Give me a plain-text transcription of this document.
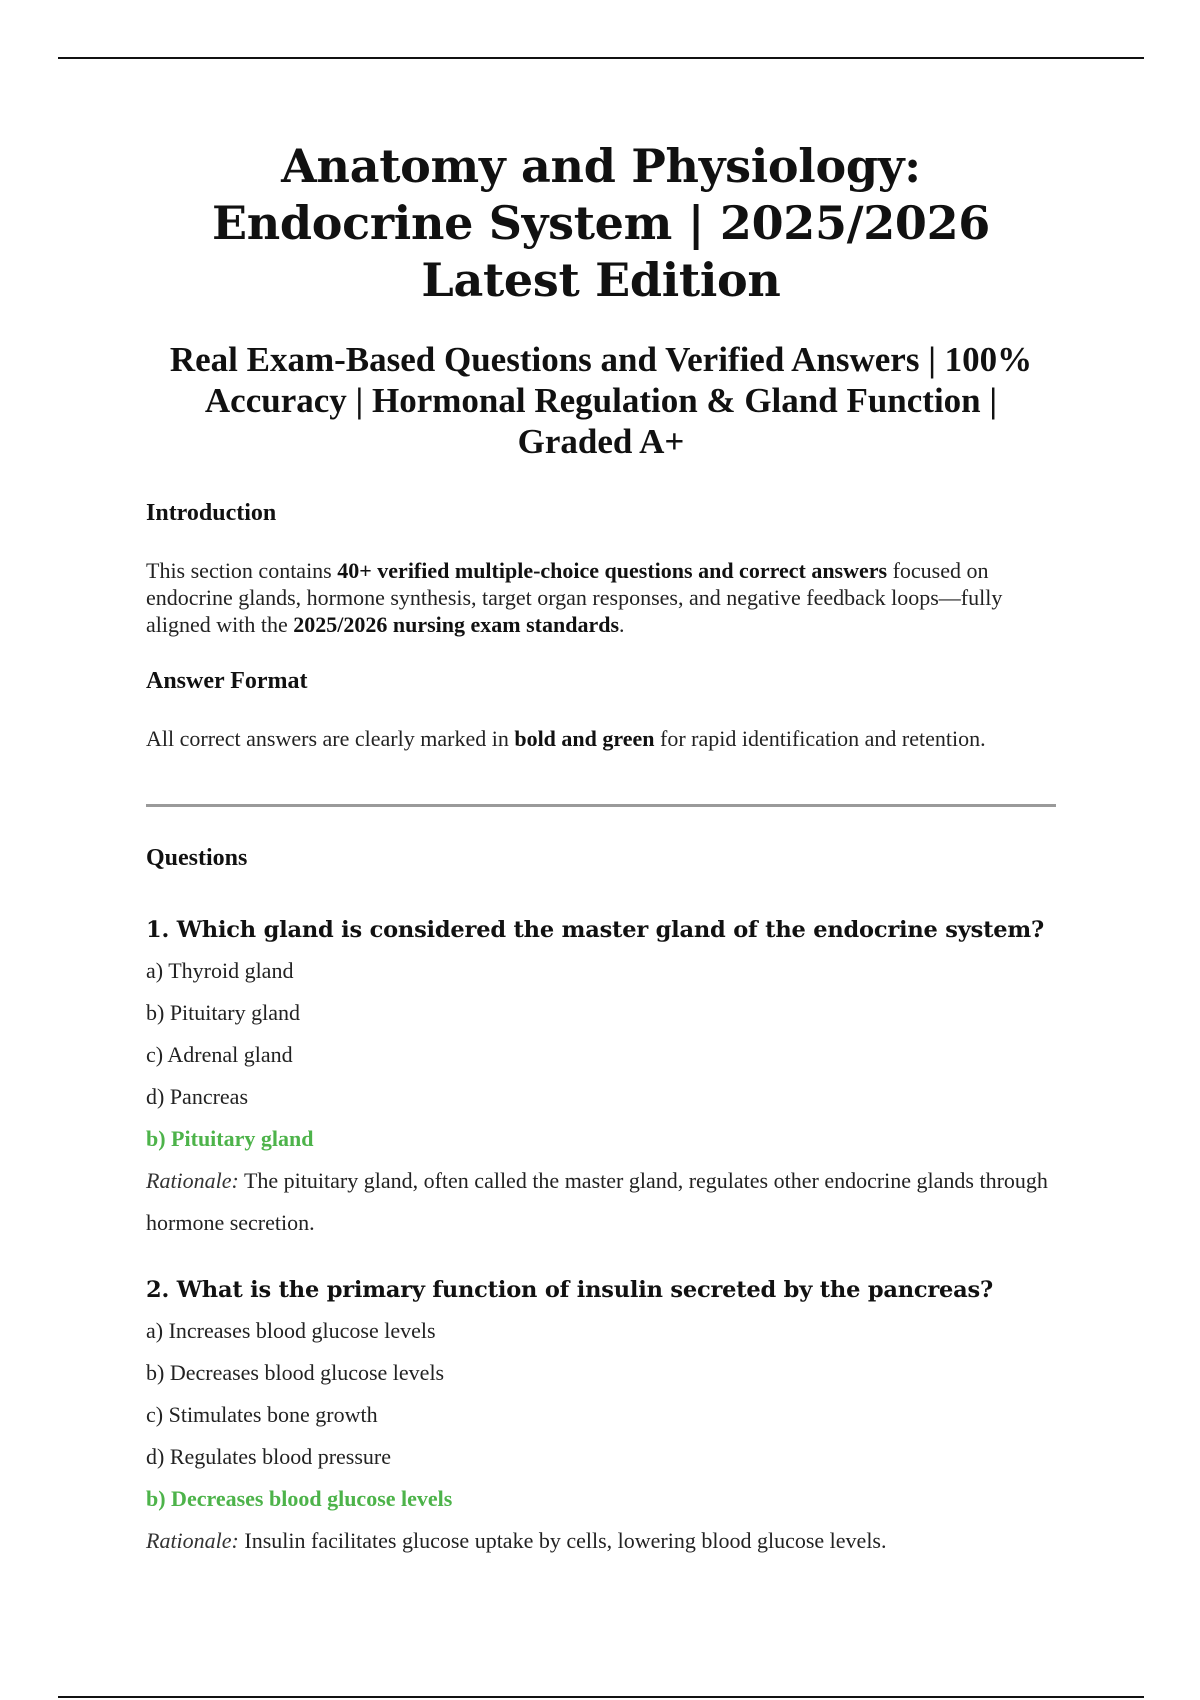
Anatomy and Physiology: Endocrine System | 2025/2026 Latest Edition
Real Exam-Based Questions and Verified Answers | 100% Accuracy | Hormonal Regulation & Gland Function | Graded A+
Introduction

This section contains 40+ verified multiple-choice questions and correct answers focused on endocrine glands, hormone synthesis, target organ responses, and negative feedback loops—fully aligned with the 2025/2026 nursing exam standards.

Answer Format

All correct answers are clearly marked in bold and green for rapid identification and retention.

Questions

1. Which gland is considered the master gland of the endocrine system?

a) Thyroid gland

b) Pituitary gland

c) Adrenal gland

d) Pancreas

b) Pituitary gland

Rationale: The pituitary gland, often called the master gland, regulates other endocrine glands through hormone secretion.

2. What is the primary function of insulin secreted by the pancreas?

a) Increases blood glucose levels

b) Decreases blood glucose levels

c) Stimulates bone growth

d) Regulates blood pressure

b) Decreases blood glucose levels

Rationale: Insulin facilitates glucose uptake by cells, lowering blood glucose levels.
